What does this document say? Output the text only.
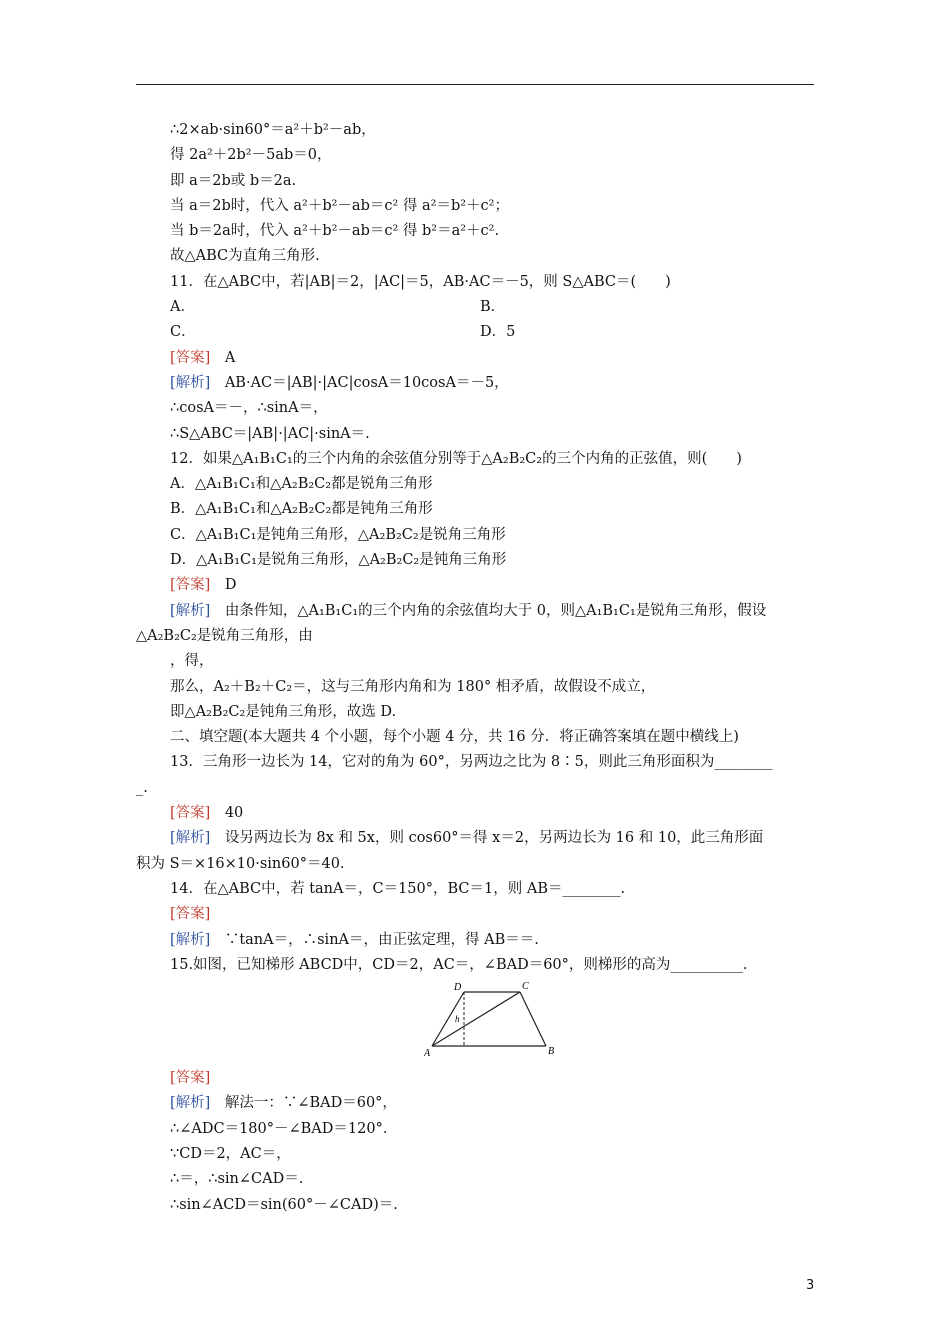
∴2×ab·sin60°＝a²＋b²－ab，
得 2a²＋2b²－5ab＝0，
即 a＝2b或 b＝2a.
当 a＝2b时，代入 a²＋b²－ab＝c² 得 a²＝b²＋c²；
当 b＝2a时，代入 a²＋b²－ab＝c² 得 b²＝a²＋c².
故△ABC为直角三角形.
11．在△ABC中，若|AB|＝2，|AC|＝5，AB·AC＝－5，则 S△ABC＝(　　)
A．	B．
C．	D．5
[答案]　A
[解析]　AB·AC＝|AB|·|AC|cosA＝10cosA＝－5，
∴cosA＝－，∴sinA＝，
∴S△ABC＝|AB|·|AC|·sinA＝.
12．如果△A₁B₁C₁的三个内角的余弦值分别等于△A₂B₂C₂的三个内角的正弦值，则(　　)
A．△A₁B₁C₁和△A₂B₂C₂都是锐角三角形
B．△A₁B₁C₁和△A₂B₂C₂都是钝角三角形
C．△A₁B₁C₁是钝角三角形，△A₂B₂C₂是锐角三角形
D．△A₁B₁C₁是锐角三角形，△A₂B₂C₂是钝角三角形
[答案]　D
[解析]　由条件知，△A₁B₁C₁的三个内角的余弦值均大于 0，则△A₁B₁C₁是锐角三角形，假设
△A₂B₂C₂是锐角三角形，由
，得，
那么，A₂＋B₂＋C₂＝，这与三角形内角和为 180° 相矛盾，故假设不成立，
即△A₂B₂C₂是钝角三角形，故选 D.
二、填空题(本大题共 4 个小题，每个小题 4 分，共 16 分．将正确答案填在题中横线上)
13．三角形一边长为 14，它对的角为 60°，另两边之比为 8∶5，则此三角形面积为________
_.
[答案]　40
[解析]　设另两边长为 8x 和 5x，则 cos60°＝得 x＝2，另两边长为 16 和 10，此三角形面
积为 S＝×16×10·sin60°＝40.
14．在△ABC中，若 tanA＝，C＝150°，BC＝1，则 AB＝________.
[答案]
[解析]　∵tanA＝，∴sinA＝，由正弦定理，得 AB＝＝.
15.如图，已知梯形 ABCD中，CD＝2，AC＝，∠BAD＝60°，则梯形的高为__________.
D	C
A	B
h
[答案]
[解析]　解法一：∵∠BAD＝60°，
∴∠ADC＝180°－∠BAD＝120°．
∵CD＝2，AC＝，
∴＝，∴sin∠CAD＝.
∴sin∠ACD＝sin(60°－∠CAD)＝.
3
